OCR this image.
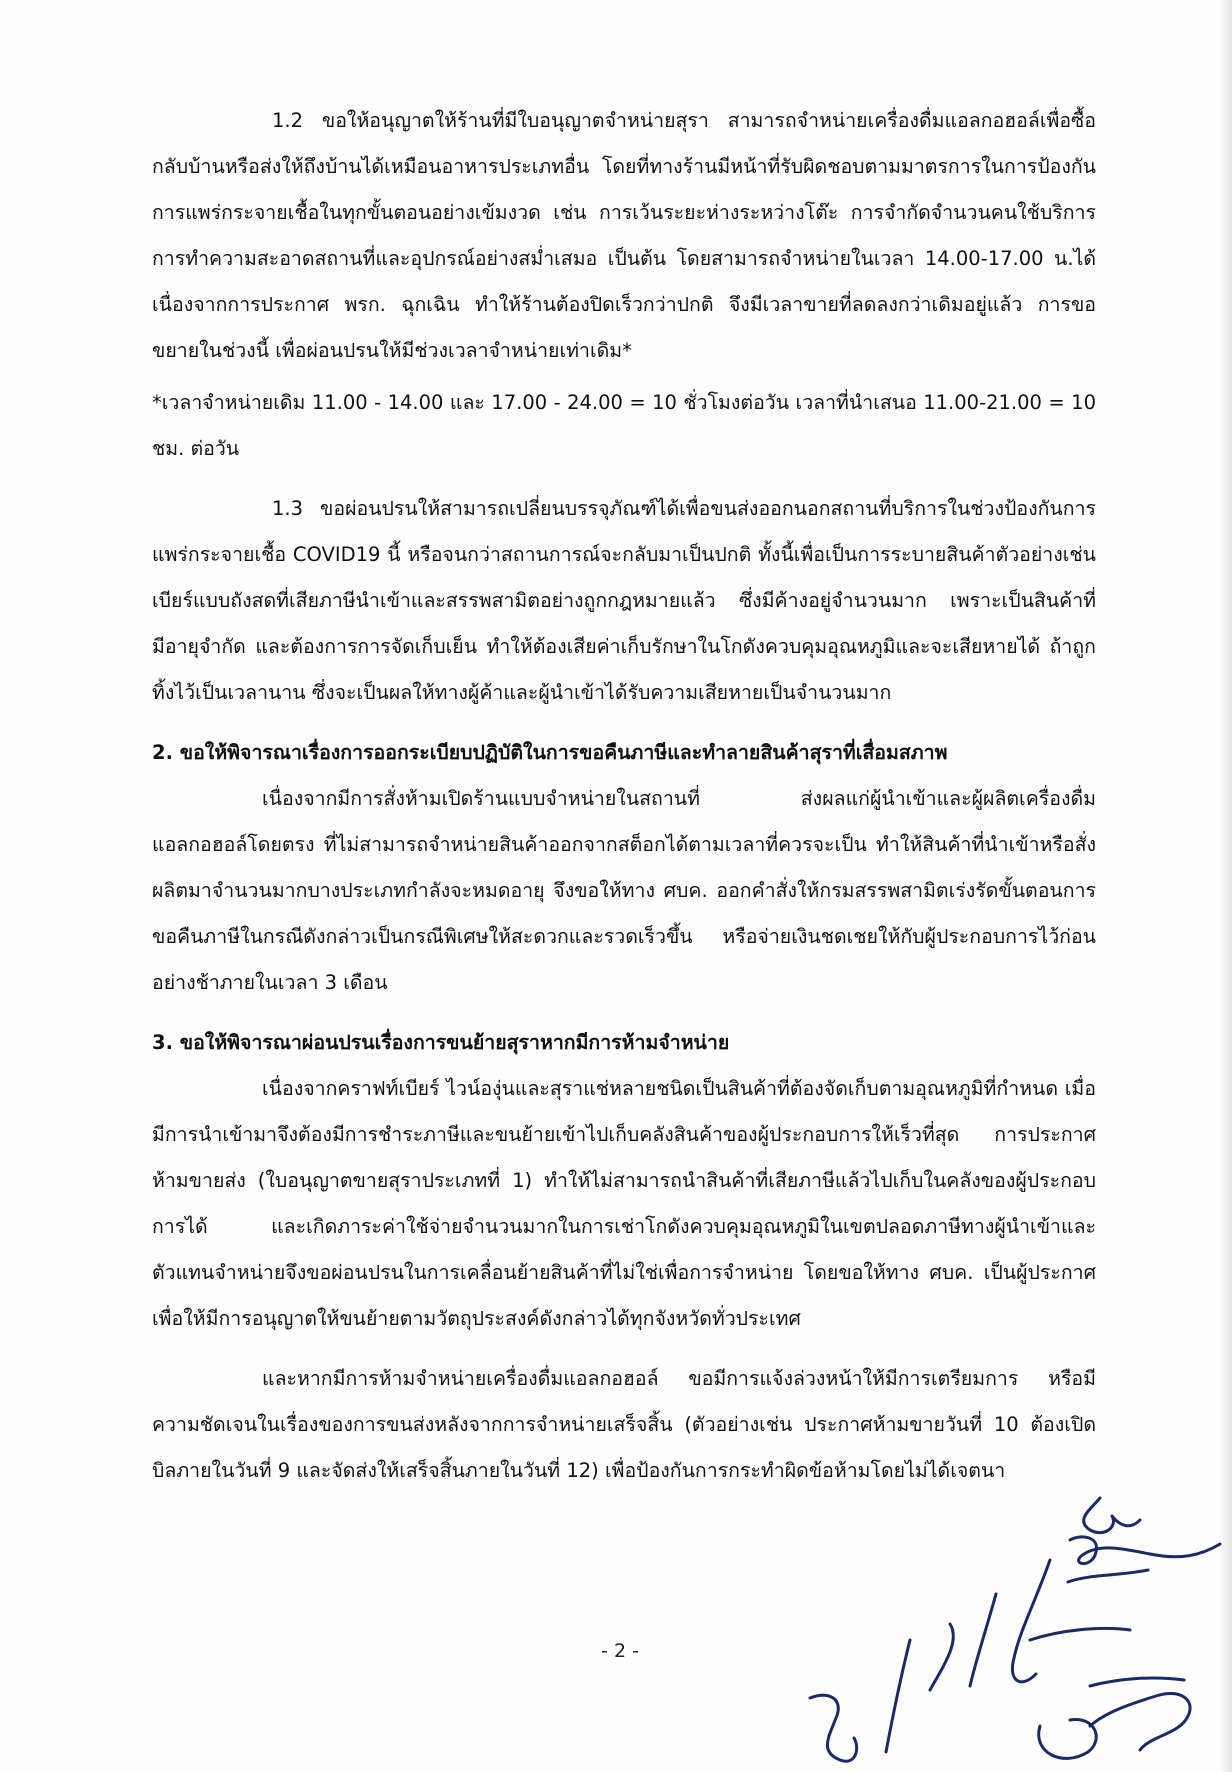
1.2 ขอให้อนุญาตให้ร้านที่มีใบอนุญาตจำหน่ายสุรา สามารถจำหน่ายเครื่องดื่มแอลกอฮอล์เพื่อซื้อกลับบ้านหรือส่งให้ถึงบ้านได้เหมือนอาหารประเภทอื่น โดยที่ทางร้านมีหน้าที่รับผิดชอบตามมาตรการในการป้องกันการแพร่กระจายเชื้อในทุกขั้นตอนอย่างเข้มงวด เช่น การเว้นระยะห่างระหว่างโต๊ะ การจำกัดจำนวนคนใช้บริการ การทำความสะอาดสถานที่และอุปกรณ์อย่างสม่ำเสมอ เป็นต้น โดยสามารถจำหน่ายในเวลา 14.00-17.00 น.ได้ เนื่องจากการประกาศ พรก. ฉุกเฉิน ทำให้ร้านต้องปิดเร็วกว่าปกติ จึงมีเวลาขายที่ลดลงกว่าเดิมอยู่แล้ว การขอขยายในช่วงนี้ เพื่อผ่อนปรนให้มีช่วงเวลาจำหน่ายเท่าเดิม*

*เวลาจำหน่ายเดิม 11.00 - 14.00 และ 17.00 - 24.00 = 10 ชั่วโมงต่อวัน เวลาที่นำเสนอ 11.00-21.00 = 10 ชม. ต่อวัน

1.3 ขอผ่อนปรนให้สามารถเปลี่ยนบรรจุภัณฑ์ได้เพื่อขนส่งออกนอกสถานที่บริการในช่วงป้องกันการแพร่กระจายเชื้อ COVID19 นี้ หรือจนกว่าสถานการณ์จะกลับมาเป็นปกติ ทั้งนี้เพื่อเป็นการระบายสินค้าตัวอย่างเช่นเบียร์แบบถังสดที่เสียภาษีนำเข้าและสรรพสามิตอย่างถูกกฎหมายแล้ว ซึ่งมีค้างอยู่จำนวนมาก เพราะเป็นสินค้าที่มีอายุจำกัด และต้องการการจัดเก็บเย็น ทำให้ต้องเสียค่าเก็บรักษาในโกดังควบคุมอุณหภูมิและจะเสียหายได้ ถ้าถูกทิ้งไว้เป็นเวลานาน ซึ่งจะเป็นผลให้ทางผู้ค้าและผู้นำเข้าได้รับความเสียหายเป็นจำนวนมาก

2. ขอให้พิจารณาเรื่องการออกระเบียบปฏิบัติในการขอคืนภาษีและทำลายสินค้าสุราที่เสื่อมสภาพ

เนื่องจากมีการสั่งห้ามเปิดร้านแบบจำหน่ายในสถานที่ ส่งผลแก่ผู้นำเข้าและผู้ผลิตเครื่องดื่มแอลกอฮอล์โดยตรง ที่ไม่สามารถจำหน่ายสินค้าออกจากสต็อกได้ตามเวลาที่ควรจะเป็น ทำให้สินค้าที่นำเข้าหรือสั่งผลิตมาจำนวนมากบางประเภทกำลังจะหมดอายุ จึงขอให้ทาง ศบค. ออกคำสั่งให้กรมสรรพสามิตเร่งรัดขั้นตอนการขอคืนภาษีในกรณีดังกล่าวเป็นกรณีพิเศษให้สะดวกและรวดเร็วขึ้น หรือจ่ายเงินชดเชยให้กับผู้ประกอบการไว้ก่อน อย่างช้าภายในเวลา 3 เดือน

3. ขอให้พิจารณาผ่อนปรนเรื่องการขนย้ายสุราหากมีการห้ามจำหน่าย

เนื่องจากคราฟท์เบียร์ ไวน์องุ่นและสุราแช่หลายชนิดเป็นสินค้าที่ต้องจัดเก็บตามอุณหภูมิที่กำหนด เมื่อมีการนำเข้ามาจึงต้องมีการชำระภาษีและขนย้ายเข้าไปเก็บคลังสินค้าของผู้ประกอบการให้เร็วที่สุด การประกาศห้ามขายส่ง (ใบอนุญาตขายสุราประเภทที่ 1) ทำให้ไม่สามารถนำสินค้าที่เสียภาษีแล้วไปเก็บในคลังของผู้ประกอบการได้ และเกิดภาระค่าใช้จ่ายจำนวนมากในการเช่าโกดังควบคุมอุณหภูมิในเขตปลอดภาษีทางผู้นำเข้าและตัวแทนจำหน่ายจึงขอผ่อนปรนในการเคลื่อนย้ายสินค้าที่ไม่ใช่เพื่อการจำหน่าย โดยขอให้ทาง ศบค. เป็นผู้ประกาศ เพื่อให้มีการอนุญาตให้ขนย้ายตามวัตถุประสงค์ดังกล่าวได้ทุกจังหวัดทั่วประเทศ

และหากมีการห้ามจำหน่ายเครื่องดื่มแอลกอฮอล์ ขอมีการแจ้งล่วงหน้าให้มีการเตรียมการ หรือมีความชัดเจนในเรื่องของการขนส่งหลังจากการจำหน่ายเสร็จสิ้น (ตัวอย่างเช่น ประกาศห้ามขายวันที่ 10 ต้องเปิดบิลภายในวันที่ 9 และจัดส่งให้เสร็จสิ้นภายในวันที่ 12) เพื่อป้องกันการกระทำผิดข้อห้ามโดยไม่ได้เจตนา

- 2 -
